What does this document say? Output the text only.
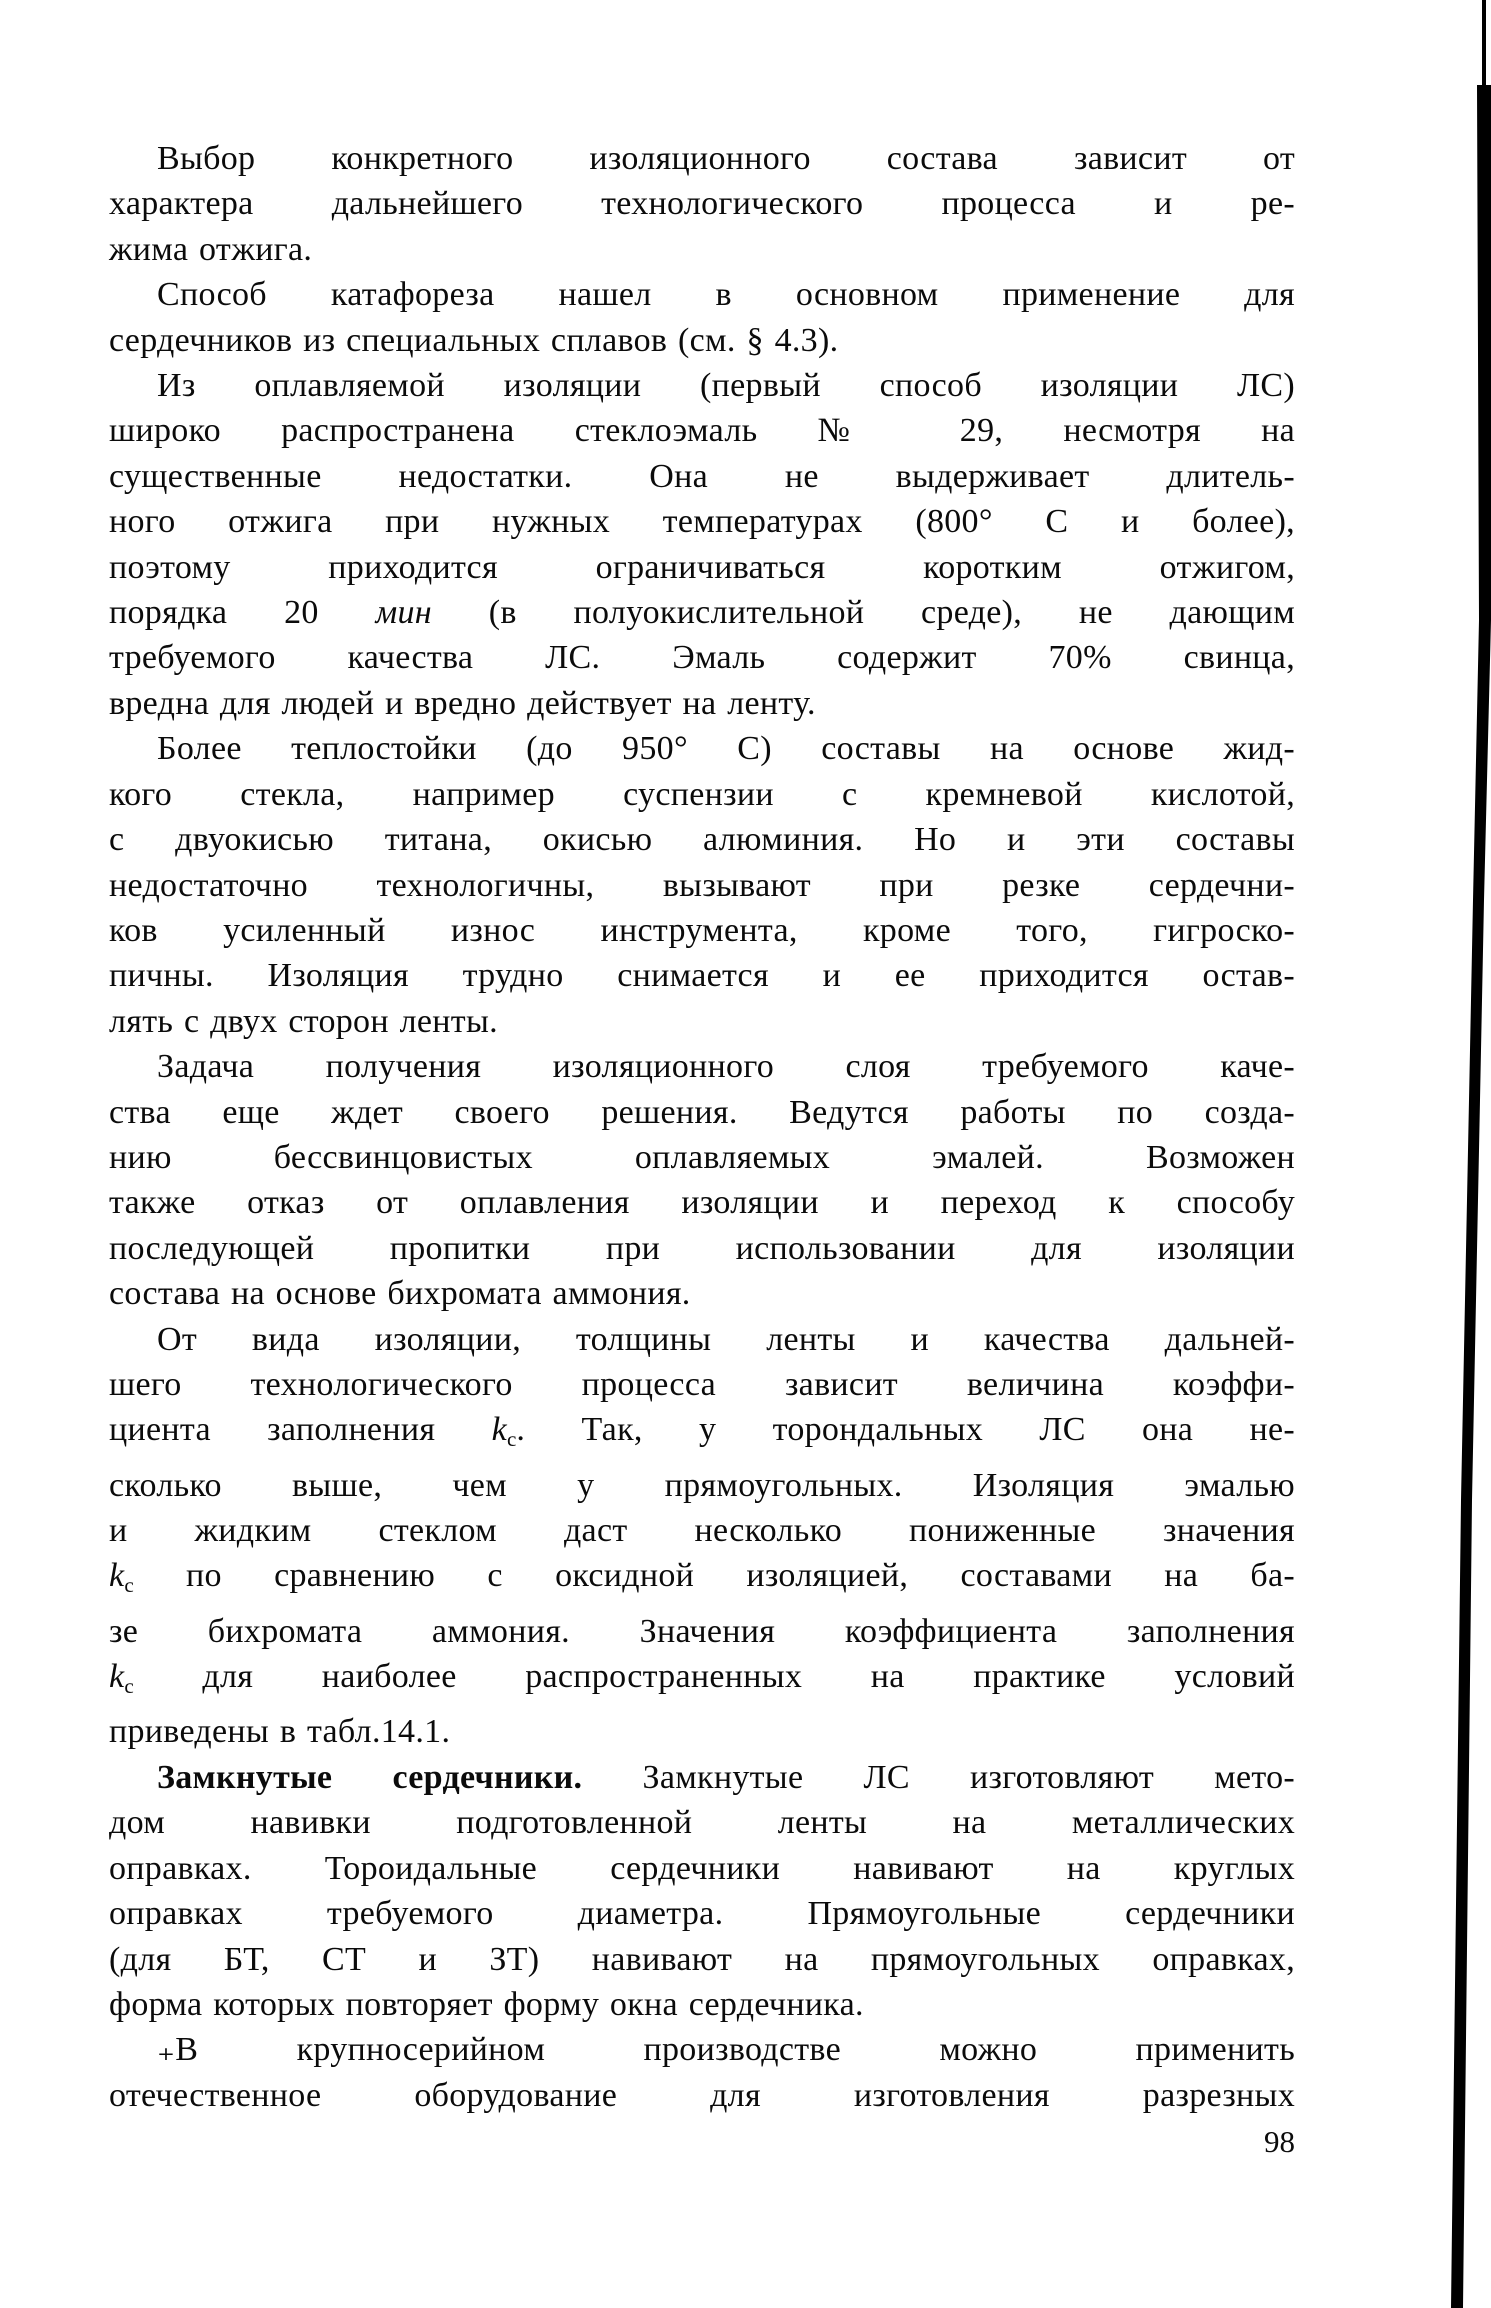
Выбор конкретного изоляционного состава зависит от
характера дальнейшего технологического процесса и ре-
жима отжига.
Способ катафореза нашел в основном применение для
сердечников из специальных сплавов (см. § 4.3).
Из оплавляемой изоляции (первый способ изоляции ЛС)
широко распространена стеклоэмаль № 29, несмотря на
существенные недостатки. Она не выдерживает длитель-
ного отжига при нужных температурах (800° С и более),
поэтому приходится ограничиваться коротким отжигом,
порядка 20 мин (в полуокислительной среде), не дающим
требуемого качества ЛС. Эмаль содержит 70% свинца,
вредна для людей и вредно действует на ленту.
Более теплостойки (до 950° С) составы на основе жид-
кого стекла, например суспензии с кремневой кислотой,
с двуокисью титана, окисью алюминия. Но и эти составы
недостаточно технологичны, вызывают при резке сердечни-
ков усиленный износ инструмента, кроме того, гигроско-
пичны. Изоляция трудно снимается и ее приходится остав-
лять с двух сторон ленты.
Задача получения изоляционного слоя требуемого каче-
ства еще ждет своего решения. Ведутся работы по созда-
нию бессвинцовистых оплавляемых эмалей. Возможен
также отказ от оплавления изоляции и переход к способу
последующей пропитки при использовании для изоляции
состава на основе бихромата аммония.
От вида изоляции, толщины ленты и качества дальней-
шего технологического процесса зависит величина коэффи-
циента заполнения kс. Так, у торондальных ЛС она не-
сколько выше, чем у прямоугольных. Изоляция эмалью
и жидким стеклом даст несколько пониженные значения
kс по сравнению с оксидной изоляцией, составами на ба-
зе бихромата аммония. Значения коэффициента заполнения
kс для наиболее распространенных на практике условий
приведены в табл.14.1.
Замкнутые сердечники. Замкнутые ЛС изготовляют мето-
дом навивки подготовленной ленты на металлических
оправках. Тороидальные сердечники навивают на круглых
оправках требуемого диаметра. Прямоугольные сердечники
(для БТ, СТ и ЗТ) навивают на прямоугольных оправках,
форма которых повторяет форму окна сердечника.
₊В крупносерийном производстве можно применить
отечественное оборудование для изготовления разрезных
98
